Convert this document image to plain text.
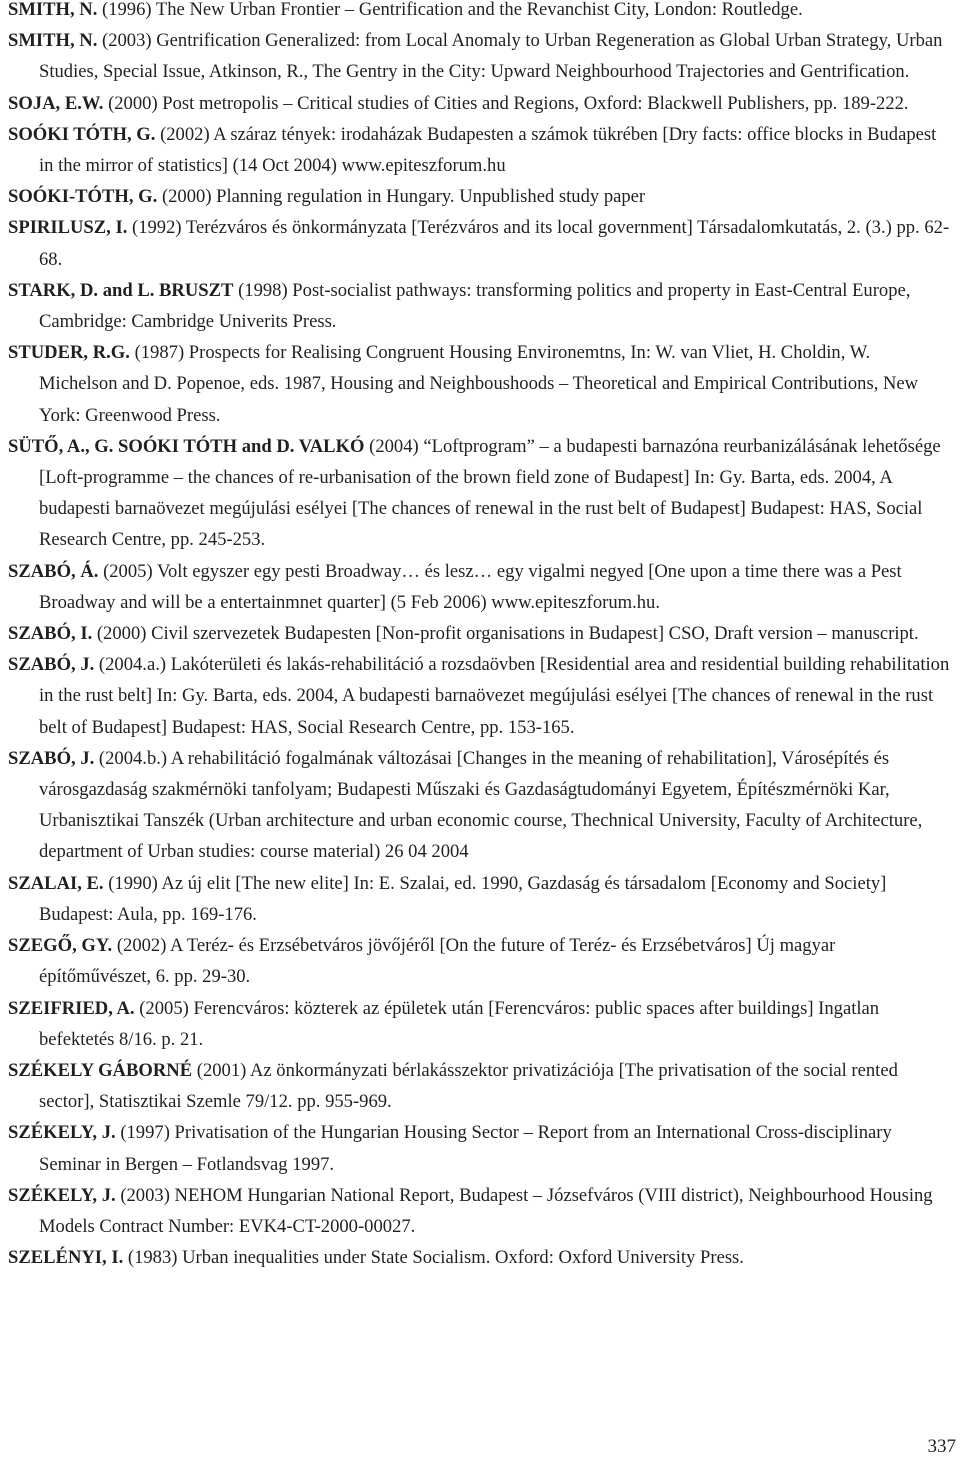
SMITH, N. (1996) The New Urban Frontier – Gentrification and the Revanchist City, London: Routledge.

SMITH, N. (2003) Gentrification Generalized: from Local Anomaly to Urban Regeneration as Global Urban Strategy, Urban Studies, Special Issue, Atkinson, R., The Gentry in the City: Upward Neighbourhood Trajectories and Gentrification.

SOJA, E.W. (2000) Post metropolis – Critical studies of Cities and Regions, Oxford: Blackwell Publishers, pp. 189-222.

SOÓKI TÓTH, G. (2002) A száraz tények: irodaházak Budapesten a számok tükrében [Dry facts: office blocks in Budapest in the mirror of statistics] (14 Oct 2004) www.epiteszforum.hu

SOÓKI-TÓTH, G. (2000) Planning regulation in Hungary. Unpublished study paper

SPIRILUSZ, I. (1992) Terézváros és önkormányzata [Terézváros and its local government] Társadalomkutatás, 2. (3.) pp. 62-68.

STARK, D. and L. BRUSZT (1998) Post-socialist pathways: transforming politics and property in East-Central Europe, Cambridge: Cambridge Univerits Press.

STUDER, R.G. (1987) Prospects for Realising Congruent Housing Environemtns, In: W. van Vliet, H. Choldin, W. Michelson and D. Popenoe, eds. 1987, Housing and Neighboushoods – Theoretical and Empirical Contributions, New York: Greenwood Press.

SÜTŐ, A., G. SOÓKI TÓTH and D. VALKÓ (2004) “Loftprogram” – a budapesti barnazóna reurbanizálásának lehetősége [Loft-programme – the chances of re-urbanisation of the brown field zone of Budapest] In: Gy. Barta, eds. 2004, A budapesti barnaövezet megújulási esélyei [The chances of renewal in the rust belt of Budapest] Budapest: HAS, Social Research Centre, pp. 245-253.

SZABÓ, Á. (2005) Volt egyszer egy pesti Broadway… és lesz… egy vigalmi negyed [One upon a time there was a Pest Broadway and will be a entertainmnet quarter] (5 Feb 2006) www.epiteszforum.hu.

SZABÓ, I. (2000) Civil szervezetek Budapesten [Non-profit organisations in Budapest] CSO, Draft version – manuscript.

SZABÓ, J. (2004.a.) Lakóterületi és lakás-rehabilitáció a rozsdaövben [Residential area and residential building rehabilitation in the rust belt] In: Gy. Barta, eds. 2004, A budapesti barnaövezet megújulási esélyei [The chances of renewal in the rust belt of Budapest] Budapest: HAS, Social Research Centre, pp. 153-165.

SZABÓ, J. (2004.b.) A rehabilitáció fogalmának változásai [Changes in the meaning of rehabilitation], Városépítés és városgazdaság szakmérnöki tanfolyam; Budapesti Műszaki és Gazdaságtudományi Egyetem, Építészmérnöki Kar, Urbanisztikai Tanszék (Urban architecture and urban economic course, Thechnical University, Faculty of Architecture, department of Urban studies: course material) 26 04 2004

SZALAI, E. (1990) Az új elit [The new elite] In: E. Szalai, ed. 1990, Gazdaság és társadalom [Economy and Society] Budapest: Aula, pp. 169-176.

SZEGŐ, GY. (2002) A Teréz- és Erzsébetváros jövőjéről [On the future of Teréz- és Erzsébetváros] Új magyar építőművészet, 6. pp. 29-30.

SZEIFRIED, A. (2005) Ferencváros: közterek az épületek után [Ferencváros: public spaces after buildings] Ingatlan befektetés 8/16. p. 21.

SZÉKELY GÁBORNÉ (2001) Az önkormányzati bérlakásszektor privatizációja [The privatisation of the social rented sector], Statisztikai Szemle 79/12. pp. 955-969.

SZÉKELY, J. (1997) Privatisation of the Hungarian Housing Sector – Report from an International Cross-disciplinary Seminar in Bergen – Fotlandsvag 1997.

SZÉKELY, J. (2003) NEHOM Hungarian National Report, Budapest – Józsefváros (VIII district), Neighbourhood Housing Models Contract Number: EVK4-CT-2000-00027.

SZELÉNYI, I. (1983) Urban inequalities under State Socialism. Oxford: Oxford University Press.

337
